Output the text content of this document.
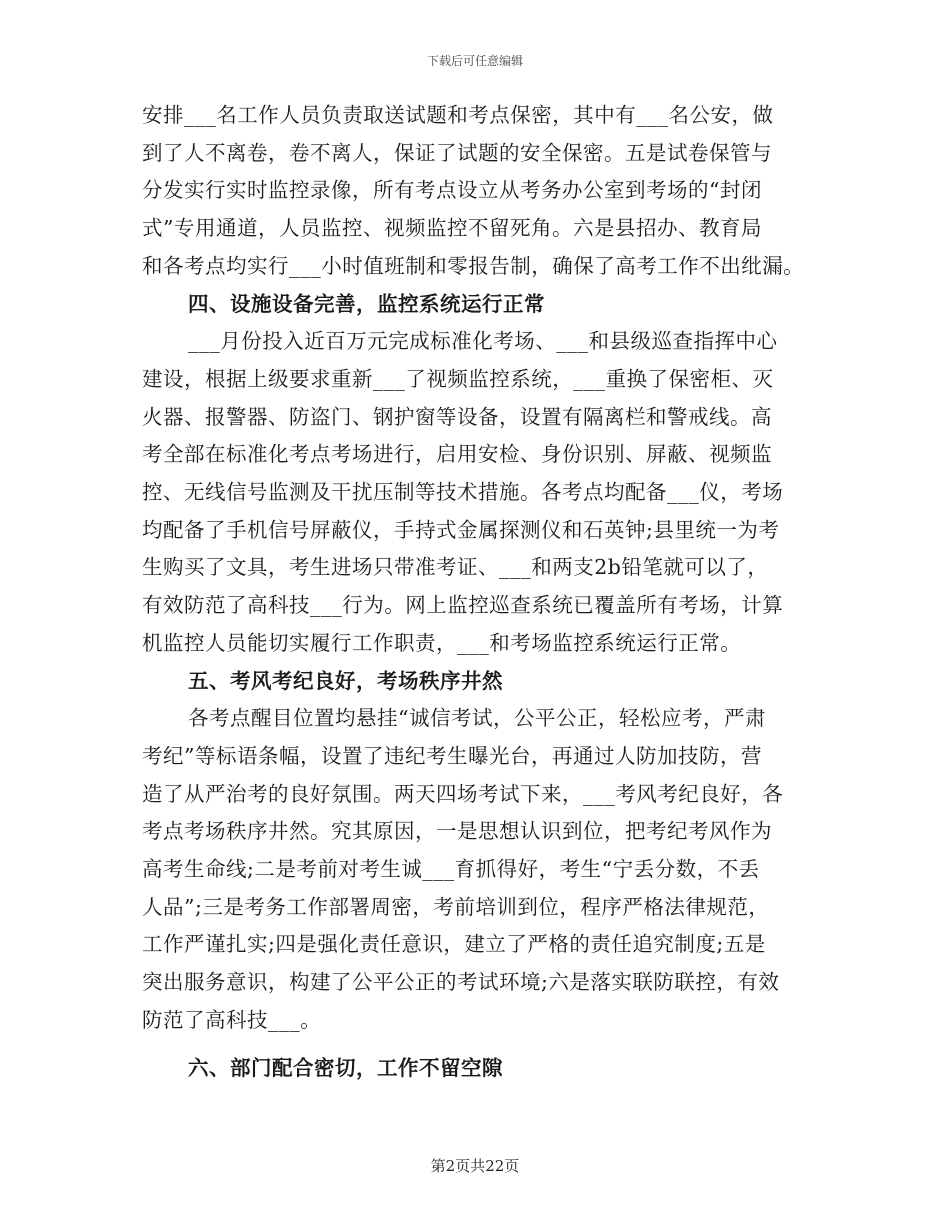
下载后可任意编辑
安排___名工作人员负责取送试题和考点保密，其中有___名公安，做
到了人不离卷，卷不离人，保证了试题的安全保密。五是试卷保管与
分发实行实时监控录像，所有考点设立从考务办公室到考场的“封闭
式”专用通道，人员监控、视频监控不留死角。六是县招办、教育局
和各考点均实行___小时值班制和零报告制，确保了高考工作不出纰漏。
四、设施设备完善，监控系统运行正常
___月份投入近百万元完成标准化考场、___和县级巡查指挥中心
建设，根据上级要求重新___了视频监控系统，___重换了保密柜、灭
火器、报警器、防盗门、钢护窗等设备，设置有隔离栏和警戒线。高
考全部在标准化考点考场进行，启用安检、身份识别、屏蔽、视频监
控、无线信号监测及干扰压制等技术措施。各考点均配备___仪，考场
均配备了手机信号屏蔽仪，手持式金属探测仪和石英钟;县里统一为考
生购买了文具，考生进场只带准考证、___和两支2b铅笔就可以了，
有效防范了高科技___行为。网上监控巡查系统已覆盖所有考场，计算
机监控人员能切实履行工作职责，___和考场监控系统运行正常。
五、考风考纪良好，考场秩序井然
各考点醒目位置均悬挂“诚信考试，公平公正，轻松应考，严肃
考纪”等标语条幅，设置了违纪考生曝光台，再通过人防加技防，营
造了从严治考的良好氛围。两天四场考试下来，___考风考纪良好，各
考点考场秩序井然。究其原因，一是思想认识到位，把考纪考风作为
高考生命线;二是考前对考生诚___育抓得好，考生“宁丢分数，不丢
人品”;三是考务工作部署周密，考前培训到位，程序严格法律规范，
工作严谨扎实;四是强化责任意识，建立了严格的责任追究制度;五是
突出服务意识，构建了公平公正的考试环境;六是落实联防联控，有效
防范了高科技___。
六、部门配合密切，工作不留空隙
第2页共22页
